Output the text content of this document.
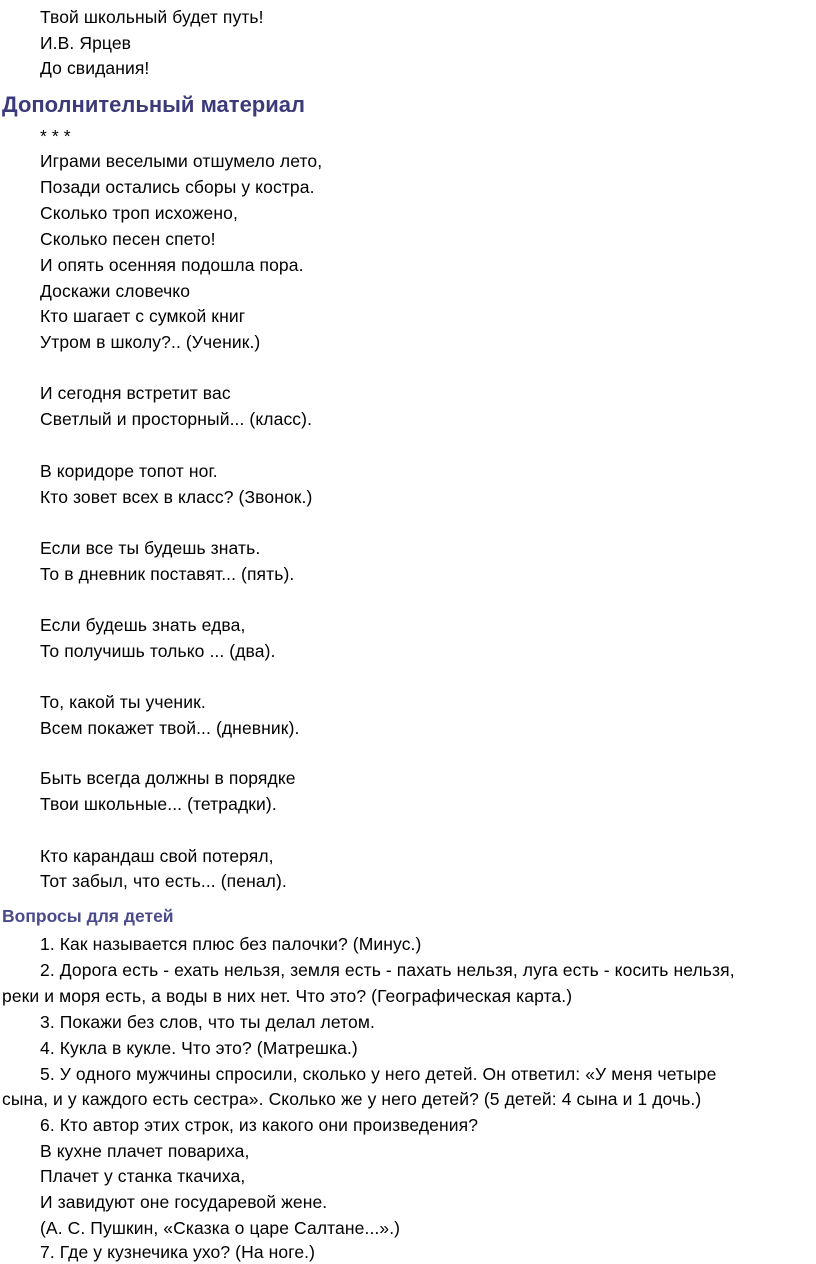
Твой школьный будет путь!
И.В. Ярцев
До свидания!
Дополнительный материал
* * *
Играми веселыми отшумело лето,
Позади остались сборы у костра.
Сколько троп исхожено,
Сколько песен спето!
И опять осенняя подошла пора.
Доскажи словечко
Кто шагает с сумкой книг
Утром в школу?.. (Ученик.)
И сегодня встретит вас
Светлый и просторный... (класс).
В коридоре топот ног.
Кто зовет всех в класс? (Звонок.)
Если все ты будешь знать.
То в дневник поставят... (пять).
Если будешь знать едва,
То получишь только ... (два).
То, какой ты ученик.
Всем покажет твой... (дневник).
Быть всегда должны в порядке
Твои школьные... (тетрадки).
Кто карандаш свой потерял,
Тот забыл, что есть... (пенал).
Вопросы для детей
1. Как называется плюс без палочки? (Минус.)
2. Дорога есть - ехать нельзя, земля есть - пахать нельзя, луга есть - косить нельзя,
реки и моря есть, а воды в них нет. Что это? (Географическая карта.)
3. Покажи без слов, что ты делал летом.
4. Кукла в кукле. Что это? (Матрешка.)
5. У одного мужчины спросили, сколько у него детей. Он ответил: «У меня четыре
сына, и у каждого есть сестра». Сколько же у него детей? (5 детей: 4 сына и 1 дочь.)
6. Кто автор этих строк, из какого они произведения?
В кухне плачет повариха,
Плачет у станка ткачиха,
И завидуют оне государевой жене.
(А. С. Пушкин, «Сказка о царе Салтане...».)
7. Где у кузнечика ухо? (На ноге.)
